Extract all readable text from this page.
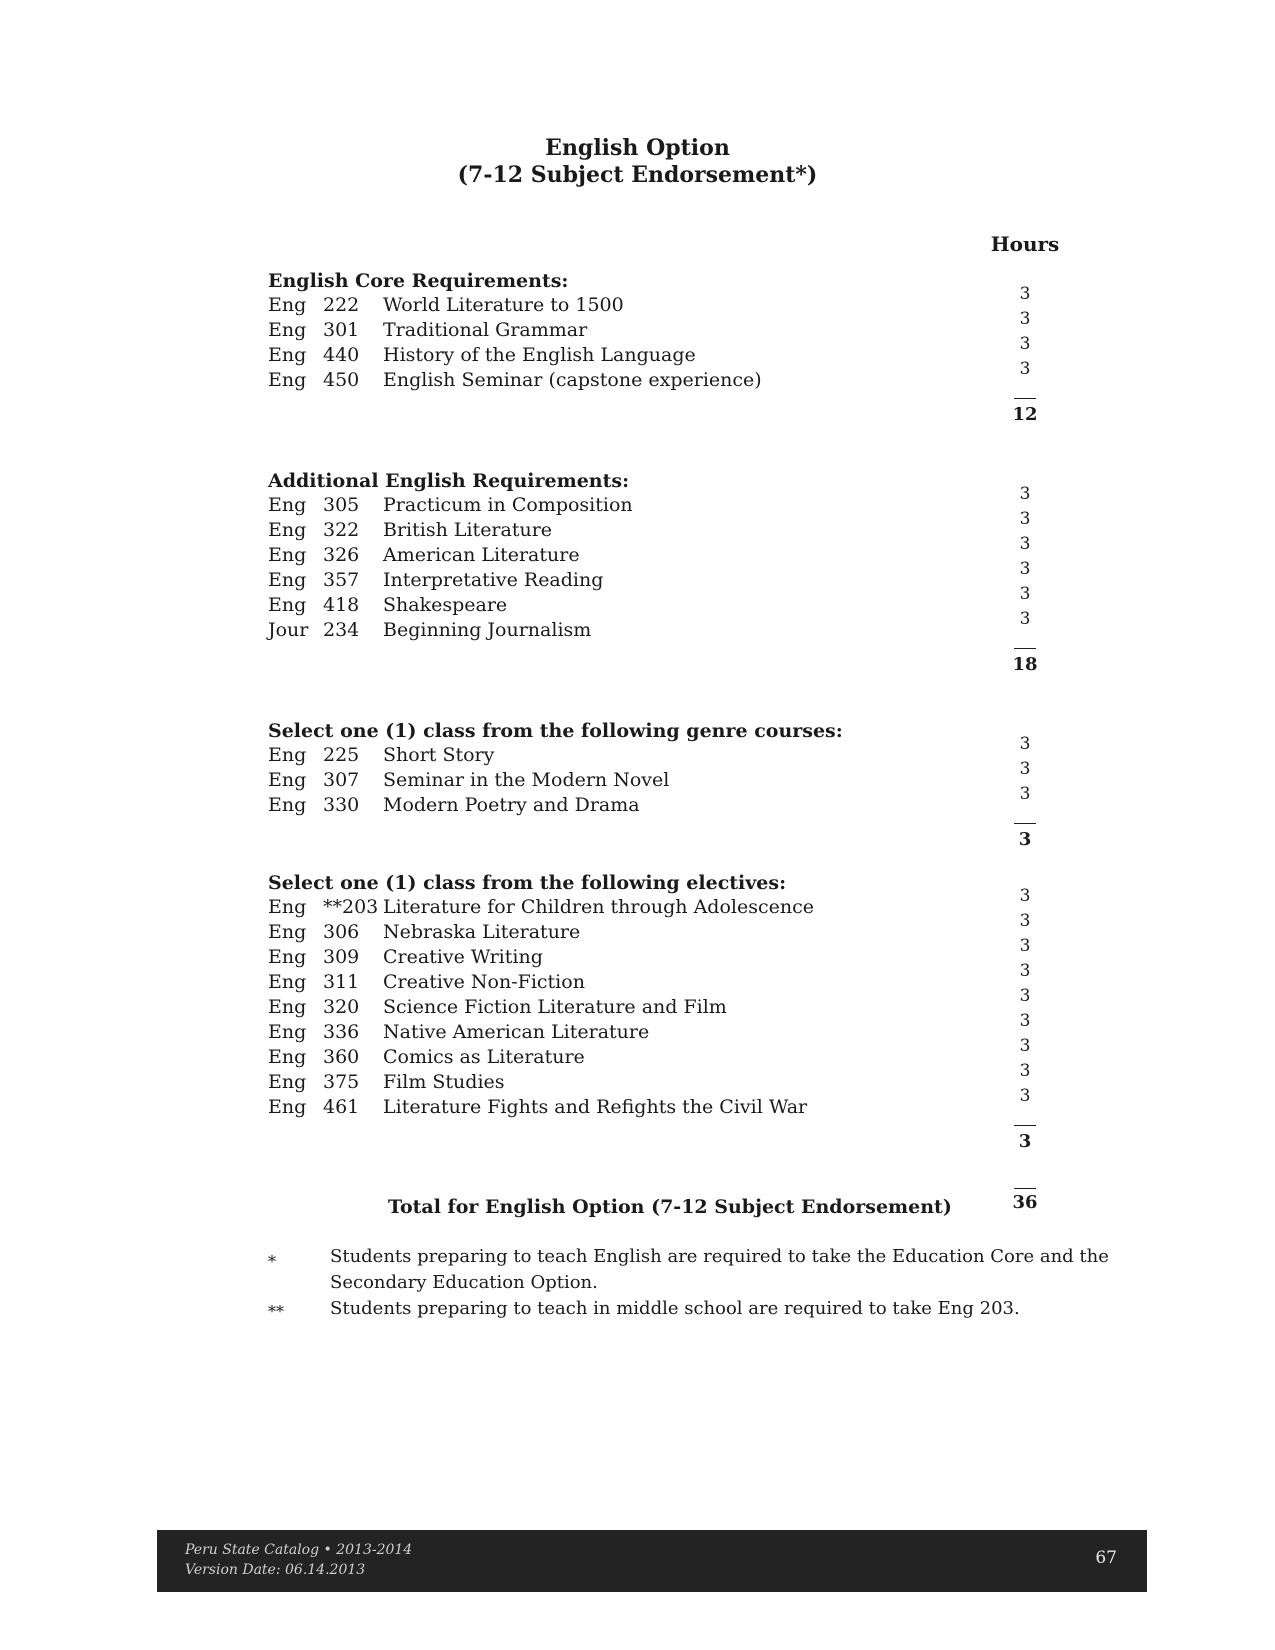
English Option
(7-12 Subject Endorsement*)
Hours
English Core Requirements:
Eng 222	World Literature to 1500	3
Eng 301	Traditional Grammar	3
Eng 440	History of the English Language	3
Eng 450	English Seminar (capstone experience)	3
12
Additional English Requirements:
Eng 305	Practicum in Composition	3
Eng 322	British Literature	3
Eng 326	American Literature	3
Eng 357	Interpretative Reading	3
Eng 418	Shakespeare	3
Jour 234	Beginning Journalism	3
18
Select one (1) class from the following genre courses:
Eng 225	Short Story	3
Eng 307	Seminar in the Modern Novel	3
Eng 330	Modern Poetry and Drama	3
3
Select one (1) class from the following electives:
Eng **203 Literature for Children through Adolescence	3
Eng 306	Nebraska Literature	3
Eng 309	Creative Writing	3
Eng 311	Creative Non-Fiction	3
Eng 320	Science Fiction Literature and Film	3
Eng 336	Native American Literature	3
Eng 360	Comics as Literature	3
Eng 375	Film Studies	3
Eng 461	Literature Fights and Refights the Civil War	3
3
Total for English Option (7-12 Subject Endorsement)	36
*	Students preparing to teach English are required to take the Education Core and the Secondary Education Option.
**	Students preparing to teach in middle school are required to take Eng 203.
Peru State Catalog • 2013-2014
Version Date: 06.14.2013
67
